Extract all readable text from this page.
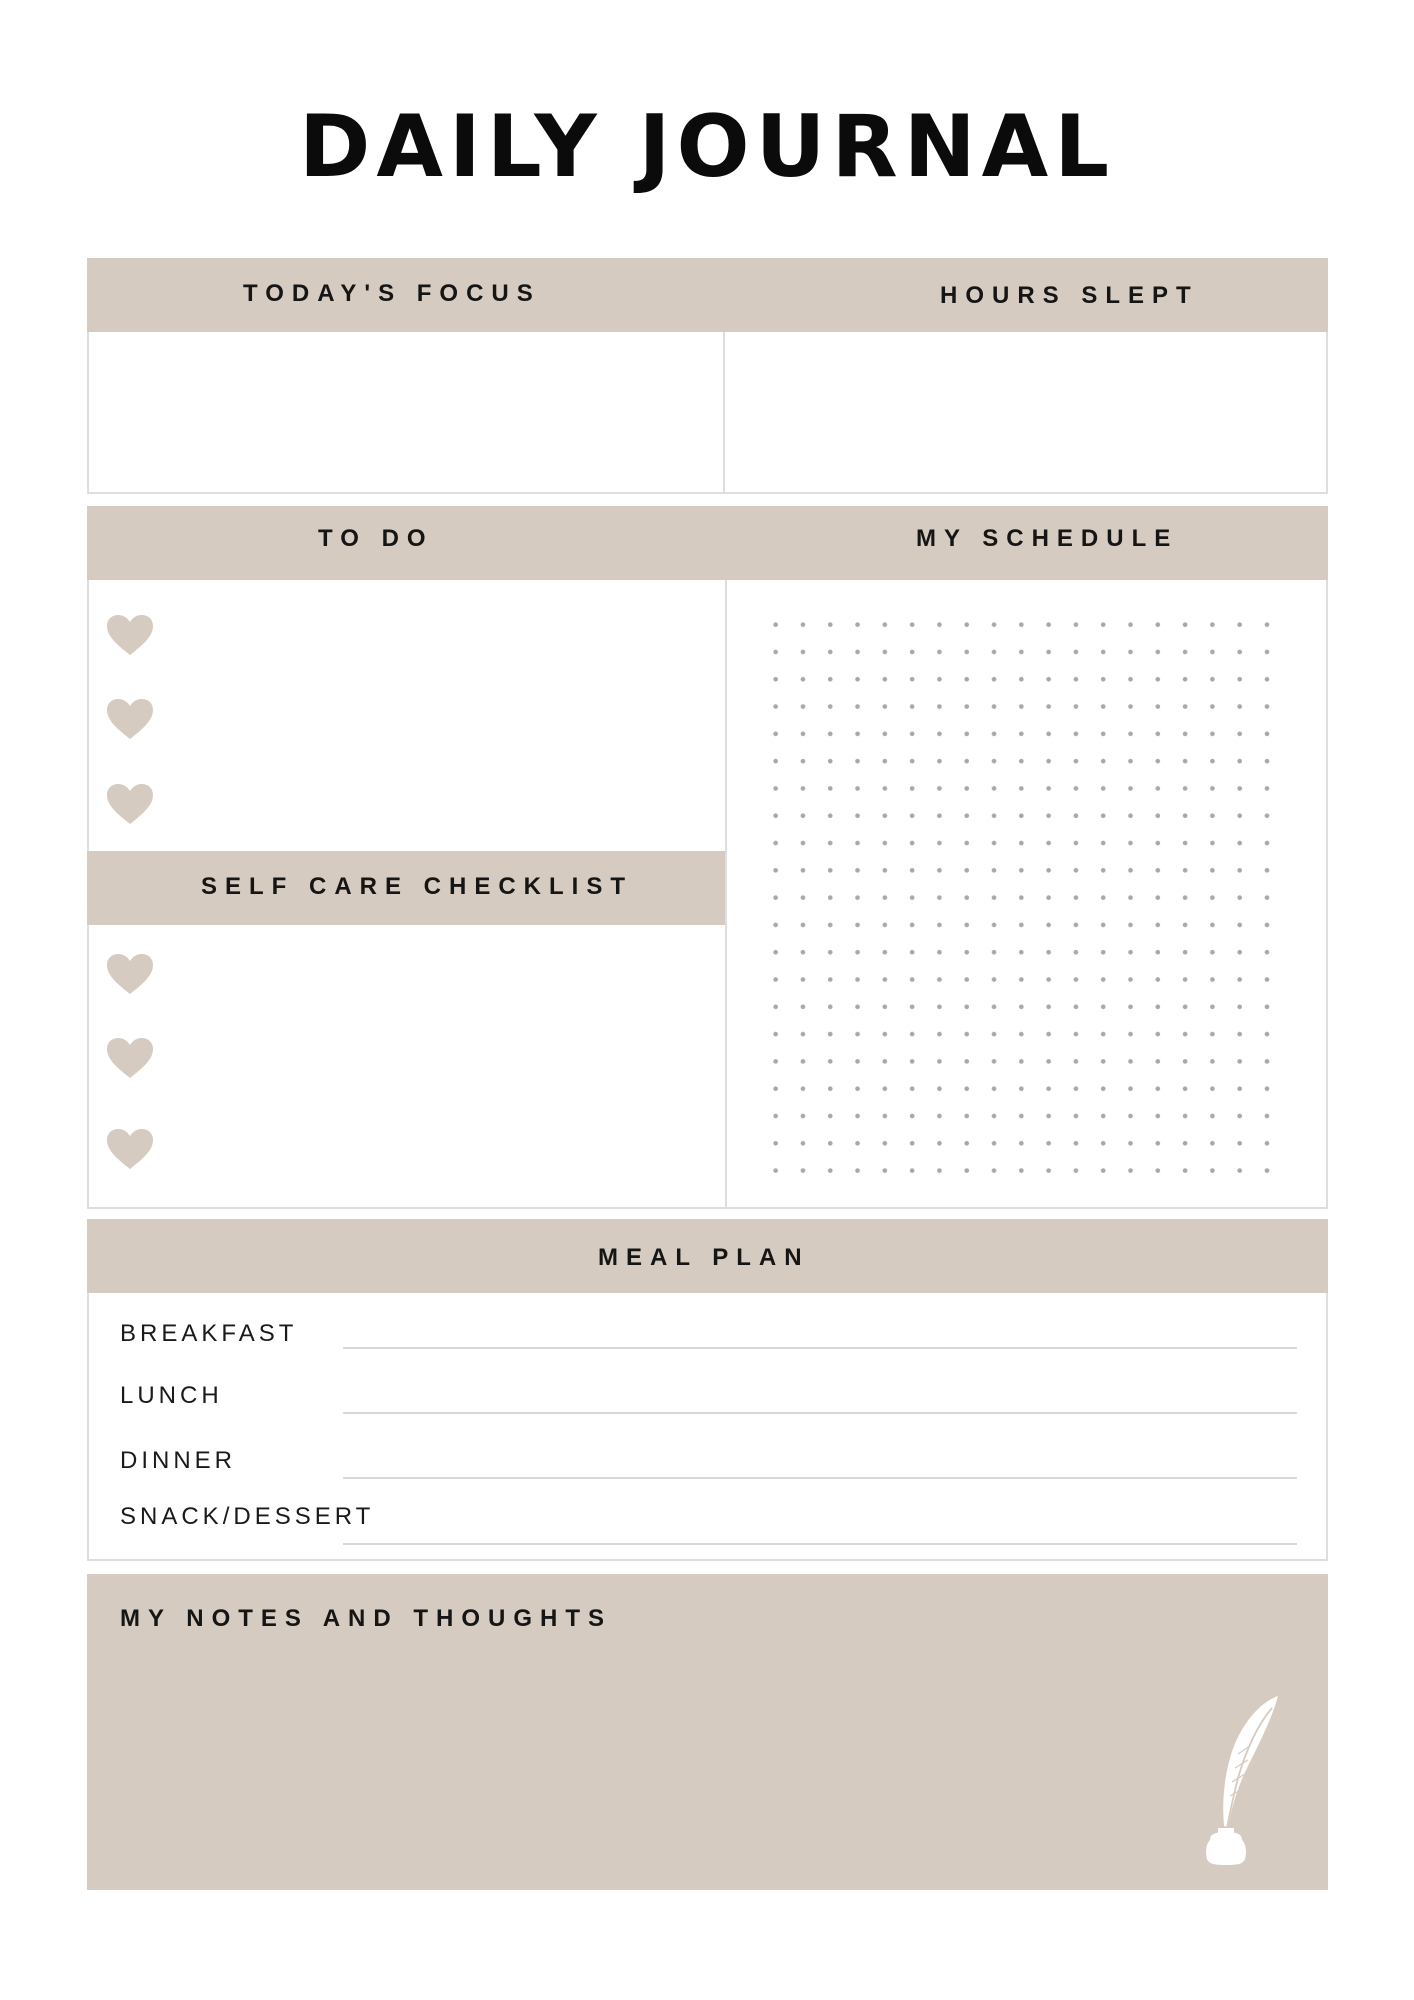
DAILY JOURNAL
TODAY'S FOCUS	HOURS SLEPT
TO DO	MY SCHEDULE
SELF CARE CHECKLIST
MEAL PLAN
BREAKFAST
LUNCH
DINNER
SNACK/DESSERT
MY NOTES AND THOUGHTS
